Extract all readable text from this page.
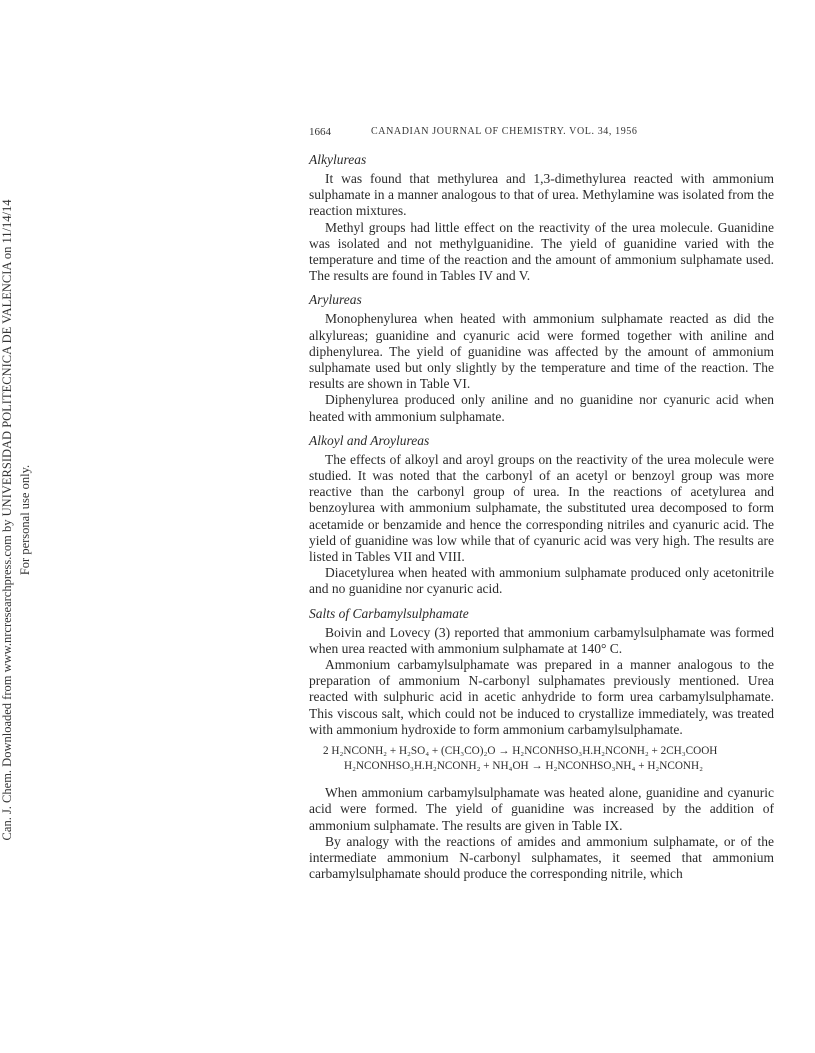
Can. J. Chem. Downloaded from www.nrcresearchpress.com by UNIVERSIDAD POLITECNICA DE VALENCIA on 11/14/14 For personal use only.
1664	CANADIAN JOURNAL OF CHEMISTRY. VOL. 34, 1956
Alkylureas

It was found that methylurea and 1,3-dimethylurea reacted with ammonium sulphamate in a manner analogous to that of urea. Methylamine was isolated from the reaction mixtures.

Methyl groups had little effect on the reactivity of the urea molecule. Guanidine was isolated and not methylguanidine. The yield of guanidine varied with the temperature and time of the reaction and the amount of ammonium sulphamate used. The results are found in Tables IV and V.

Arylureas

Monophenylurea when heated with ammonium sulphamate reacted as did the alkylureas; guanidine and cyanuric acid were formed together with aniline and diphenylurea. The yield of guanidine was affected by the amount of ammonium sulphamate used but only slightly by the temperature and time of the reaction. The results are shown in Table VI.

Diphenylurea produced only aniline and no guanidine nor cyanuric acid when heated with ammonium sulphamate.

Alkoyl and Aroylureas

The effects of alkoyl and aroyl groups on the reactivity of the urea molecule were studied. It was noted that the carbonyl of an acetyl or benzoyl group was more reactive than the carbonyl group of urea. In the reactions of acetylurea and benzoylurea with ammonium sulphamate, the substituted urea decomposed to form acetamide or benzamide and hence the corresponding nitriles and cyanuric acid. The yield of guanidine was low while that of cyanuric acid was very high. The results are listed in Tables VII and VIII.

Diacetylurea when heated with ammonium sulphamate produced only acetonitrile and no guanidine nor cyanuric acid.

Salts of Carbamylsulphamate

Boivin and Lovecy (3) reported that ammonium carbamylsulphamate was formed when urea reacted with ammonium sulphamate at 140° C.

Ammonium carbamylsulphamate was prepared in a manner analogous to the preparation of ammonium N-carbonyl sulphamates previously mentioned. Urea reacted with sulphuric acid in acetic anhydride to form urea carbamylsulphamate. This viscous salt, which could not be induced to crystallize immediately, was treated with ammonium hydroxide to form ammonium carbamylsulphamate.

2 H₂NCONH₂ + H₂SO₄ + (CH₃CO)₂O → H₂NCONHSO₃H.H₂NCONH₂ + 2CH₃COOH
H₂NCONHSO₃H.H₂NCONH₂ + NH₄OH → H₂NCONHSO₃NH₄ + H₂NCONH₂

When ammonium carbamylsulphamate was heated alone, guanidine and cyanuric acid were formed. The yield of guanidine was increased by the addition of ammonium sulphamate. The results are given in Table IX.

By analogy with the reactions of amides and ammonium sulphamate, or of the intermediate ammonium N-carbonyl sulphamates, it seemed that ammonium carbamylsulphamate should produce the corresponding nitrile, which
